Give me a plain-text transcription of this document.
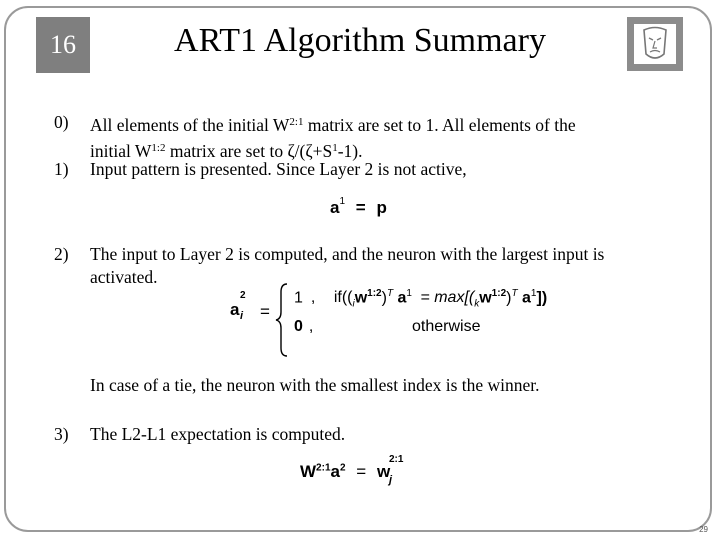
16	ART1 Algorithm Summary
0) All elements of the initial $W^{2:1}$ matrix are set to 1. All elements of the
initial $W^{1:2}$ matrix are set to $\zeta/(\zeta+S^1-1)$.
1) Input pattern is presented. Since Layer 2 is not active,
$a^1 = p$
2) The input to Layer 2 is computed, and the neuron with the largest input is
activated.
a
2
i =
1 , $if((_iw^{1:2})^T$ $a^1 = \max[(_kw^{1:2})^T$ $a^1$])
0 ,	otherwise
In case of a tie, the neuron with the smallest index is the winner.
3) The L2-L1 expectation is computed.
$W^{2:1}a^2 = w$
2:1
j
29
